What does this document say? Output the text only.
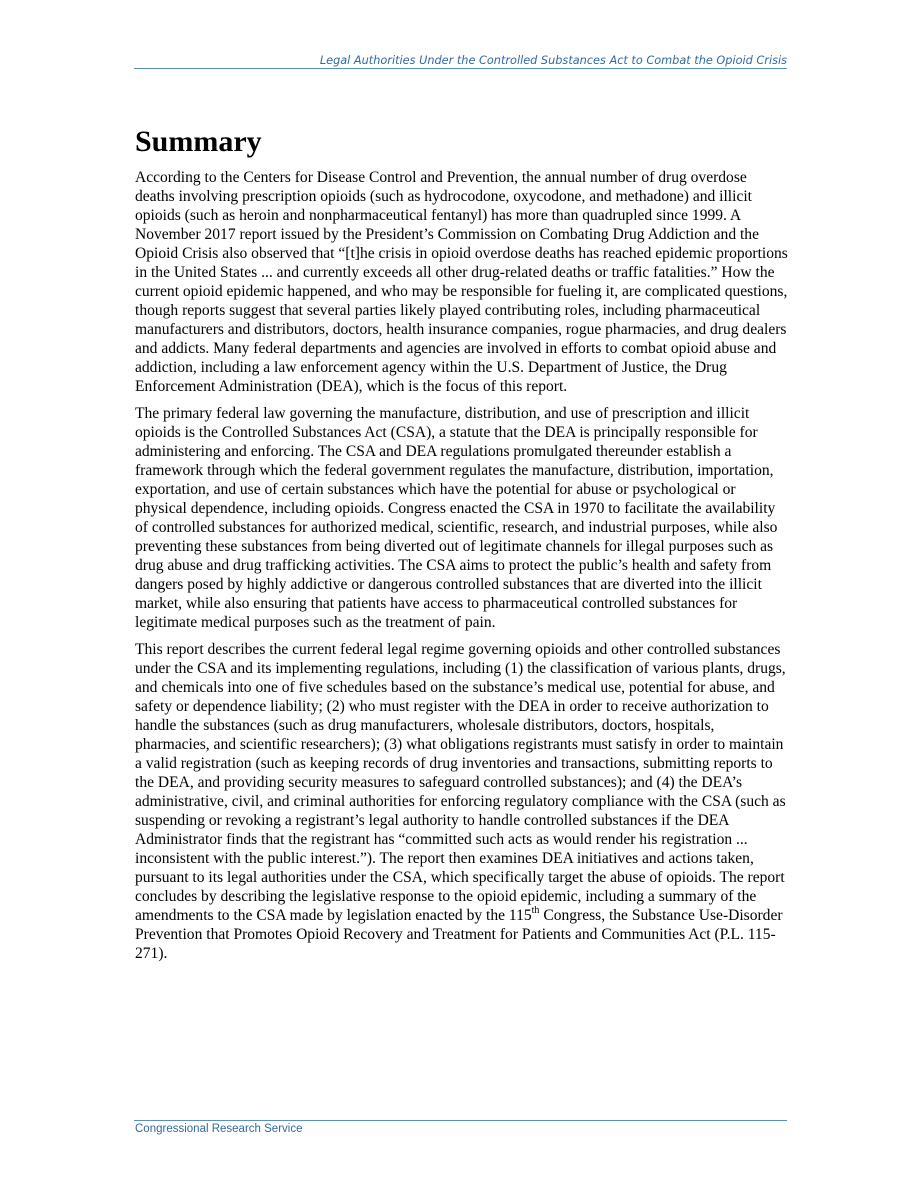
Legal Authorities Under the Controlled Substances Act to Combat the Opioid Crisis
Summary

According to the Centers for Disease Control and Prevention, the annual number of drug overdose deaths involving prescription opioids (such as hydrocodone, oxycodone, and methadone) and illicit opioids (such as heroin and nonpharmaceutical fentanyl) has more than quadrupled since 1999. A November 2017 report issued by the President’s Commission on Combating Drug Addiction and the Opioid Crisis also observed that “[t]he crisis in opioid overdose deaths has reached epidemic proportions in the United States ... and currently exceeds all other drug-related deaths or traffic fatalities.” How the current opioid epidemic happened, and who may be responsible for fueling it, are complicated questions, though reports suggest that several parties likely played contributing roles, including pharmaceutical manufacturers and distributors, doctors, health insurance companies, rogue pharmacies, and drug dealers and addicts. Many federal departments and agencies are involved in efforts to combat opioid abuse and addiction, including a law enforcement agency within the U.S. Department of Justice, the Drug Enforcement Administration (DEA), which is the focus of this report.

The primary federal law governing the manufacture, distribution, and use of prescription and illicit opioids is the Controlled Substances Act (CSA), a statute that the DEA is principally responsible for administering and enforcing. The CSA and DEA regulations promulgated thereunder establish a framework through which the federal government regulates the manufacture, distribution, importation, exportation, and use of certain substances which have the potential for abuse or psychological or physical dependence, including opioids. Congress enacted the CSA in 1970 to facilitate the availability of controlled substances for authorized medical, scientific, research, and industrial purposes, while also preventing these substances from being diverted out of legitimate channels for illegal purposes such as drug abuse and drug trafficking activities. The CSA aims to protect the public’s health and safety from dangers posed by highly addictive or dangerous controlled substances that are diverted into the illicit market, while also ensuring that patients have access to pharmaceutical controlled substances for legitimate medical purposes such as the treatment of pain.

This report describes the current federal legal regime governing opioids and other controlled substances under the CSA and its implementing regulations, including (1) the classification of various plants, drugs, and chemicals into one of five schedules based on the substance’s medical use, potential for abuse, and safety or dependence liability; (2) who must register with the DEA in order to receive authorization to handle the substances (such as drug manufacturers, wholesale distributors, doctors, hospitals, pharmacies, and scientific researchers); (3) what obligations registrants must satisfy in order to maintain a valid registration (such as keeping records of drug inventories and transactions, submitting reports to the DEA, and providing security measures to safeguard controlled substances); and (4) the DEA’s administrative, civil, and criminal authorities for enforcing regulatory compliance with the CSA (such as suspending or revoking a registrant’s legal authority to handle controlled substances if the DEA Administrator finds that the registrant has “committed such acts as would render his registration ... inconsistent with the public interest.”). The report then examines DEA initiatives and actions taken, pursuant to its legal authorities under the CSA, which specifically target the abuse of opioids. The report concludes by describing the legislative response to the opioid epidemic, including a summary of the amendments to the CSA made by legislation enacted by the 115th Congress, the Substance Use-Disorder Prevention that Promotes Opioid Recovery and Treatment for Patients and Communities Act (P.L. 115-271).

Congressional Research Service
